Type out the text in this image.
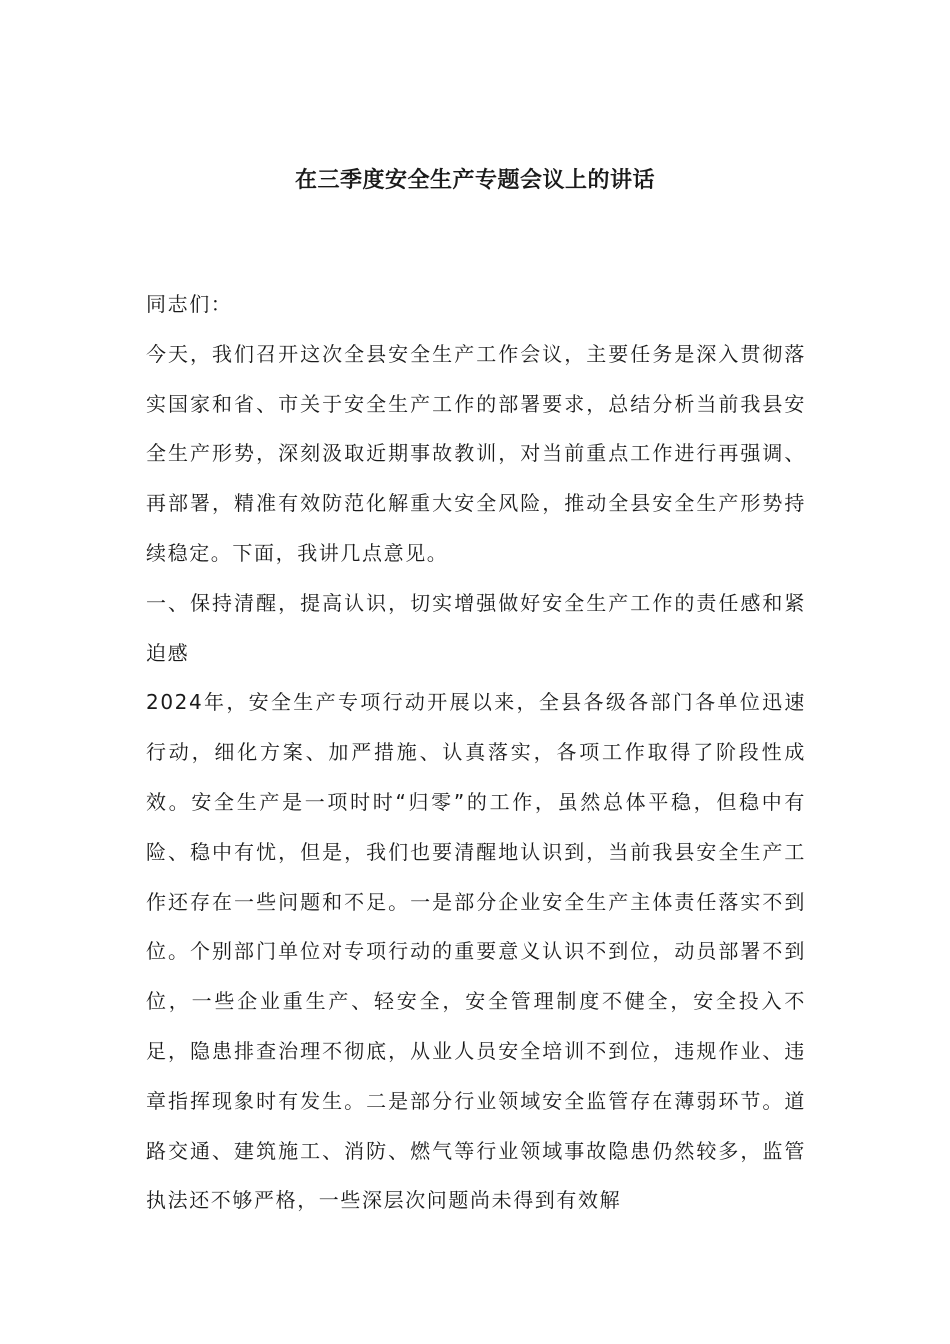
在三季度安全生产专题会议上的讲话

同志们：

今天，我们召开这次全县安全生产工作会议，主要任务是深入贯彻落实国家和省、市关于安全生产工作的部署要求，总结分析当前我县安全生产形势，深刻汲取近期事故教训，对当前重点工作进行再强调、再部署，精准有效防范化解重大安全风险，推动全县安全生产形势持续稳定。下面，我讲几点意见。

一、保持清醒，提高认识，切实增强做好安全生产工作的责任感和紧迫感

2024年，安全生产专项行动开展以来，全县各级各部门各单位迅速行动，细化方案、加严措施、认真落实，各项工作取得了阶段性成效。安全生产是一项时时“归零”的工作，虽然总体平稳，但稳中有险、稳中有忧，但是，我们也要清醒地认识到，当前我县安全生产工作还存在一些问题和不足。一是部分企业安全生产主体责任落实不到位。个别部门单位对专项行动的重要意义认识不到位，动员部署不到位，一些企业重生产、轻安全，安全管理制度不健全，安全投入不足，隐患排查治理不彻底，从业人员安全培训不到位，违规作业、违章指挥现象时有发生。二是部分行业领域安全监管存在薄弱环节。道路交通、建筑施工、消防、燃气等行业领域事故隐患仍然较多，监管执法还不够严格，一些深层次问题尚未得到有效解
